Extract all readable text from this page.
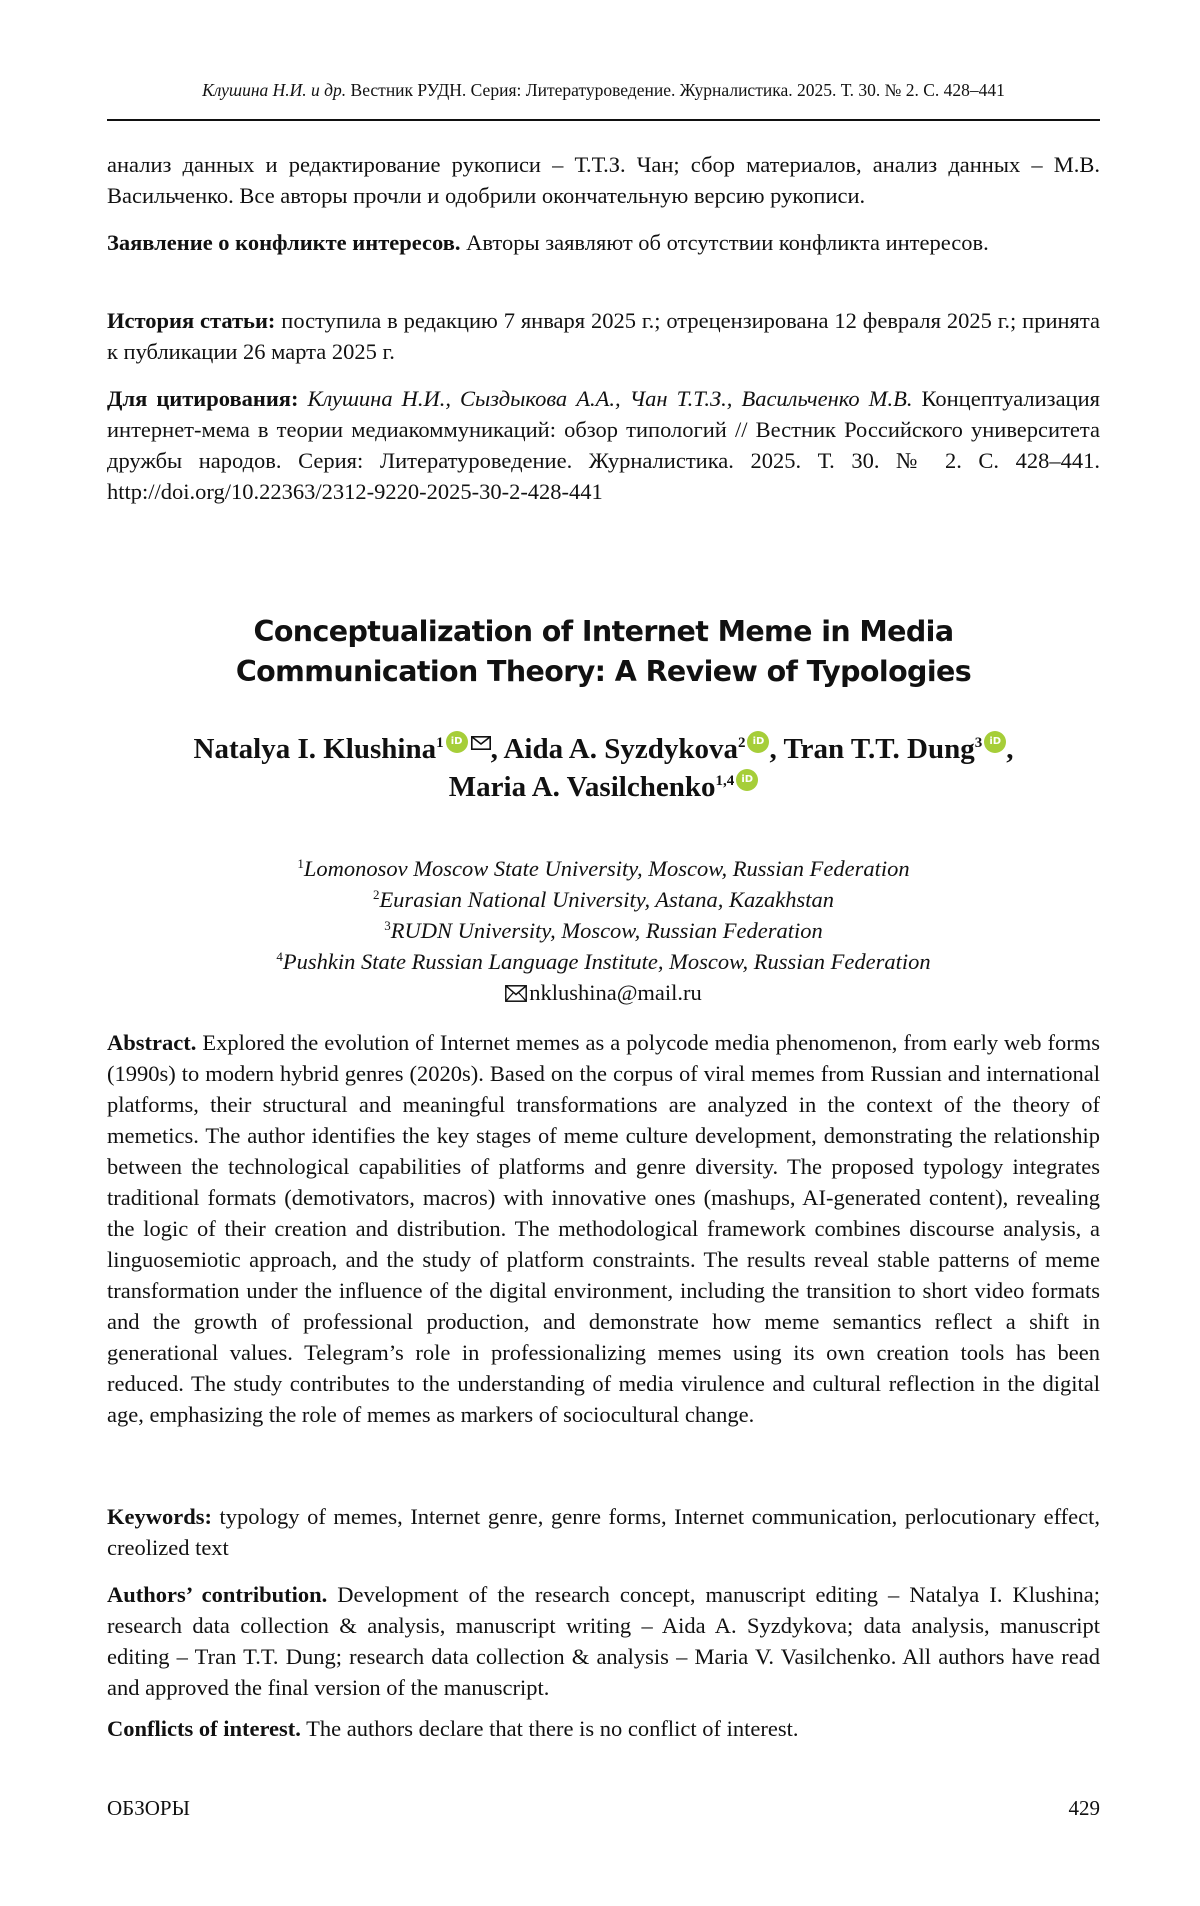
Клушина Н.И. и др. Вестник РУДН. Серия: Литературоведение. Журналистика. 2025. Т. 30. № 2. С. 428–441
анализ данных и редактирование рукописи – Т.Т.З. Чан; сбор материалов, анализ данных – М.В. Васильченко. Все авторы прочли и одобрили окончательную версию рукописи.
Заявление о конфликте интересов. Авторы заявляют об отсутствии конфликта интересов.
История статьи: поступила в редакцию 7 января 2025 г.; отрецензирована 12 февраля 2025 г.; принята к публикации 26 марта 2025 г.
Для цитирования: Клушина Н.И., Сыздыкова А.А., Чан Т.Т.З., Васильченко М.В. Концептуализация интернет-мема в теории медиакоммуникаций: обзор типологий // Вестник Российского университета дружбы народов. Серия: Литературоведение. Журналистика. 2025. Т. 30. № 2. С. 428–441. http://doi.org/10.22363/2312-9220-2025-30-2-428-441
Conceptualization of Internet Meme in Media
Communication Theory: A Review of Typologies
Natalya I. Klushina$^1$ iD , Aida A. Syzdykova$^2$ iD , Tran T.T. Dung$^3$ iD ,
Maria A. Vasilchenko$^{1,4}$iD
$^1$Lomonosov Moscow State University, Moscow, Russian Federation
$^2$Eurasian National University, Astana, Kazakhstan
$^3$RUDN University, Moscow, Russian Federation
$^4$Pushkin State Russian Language Institute, Moscow, Russian Federation
nklushina@mail.ru
Abstract. Explored the evolution of Internet memes as a polycode media phenomenon, from early web forms (1990s) to modern hybrid genres (2020s). Based on the corpus of viral memes from Russian and international platforms, their structural and meaningful transformations are analyzed in the context of the theory of memetics. The author identifies the key stages of meme culture development, demonstrating the relationship between the technological capabilities of platforms and genre diversity. The proposed typology integrates traditional formats (demotivators, macros) with innovative ones (mashups, AI-generated content), revealing the logic of their creation and distribution. The methodological framework combines discourse analysis, a linguosemiotic approach, and the study of platform constraints. The results reveal stable patterns of meme transformation under the influence of the digital environment, including the transition to short video formats and the growth of professional production, and demonstrate how meme semantics reflect a shift in generational values. Telegram’s role in professionalizing memes using its own creation tools has been reduced. The study contributes to the understanding of media virulence and cultural reflection in the digital age, emphasizing the role of memes as markers of sociocultural change.
Keywords: typology of memes, Internet genre, genre forms, Internet communication, perlocutionary effect, creolized text
Authors’ contribution. Development of the research concept, manuscript editing – Natalya I. Klushina; research data collection & analysis, manuscript writing – Aida A. Syzdykova; data analysis, manuscript editing – Tran T.T. Dung; research data collection & analysis – Maria V. Vasilchenko. All authors have read and approved the final version of the manuscript.
Conflicts of interest. The authors declare that there is no conflict of interest.
ОБЗОРЫ	429
